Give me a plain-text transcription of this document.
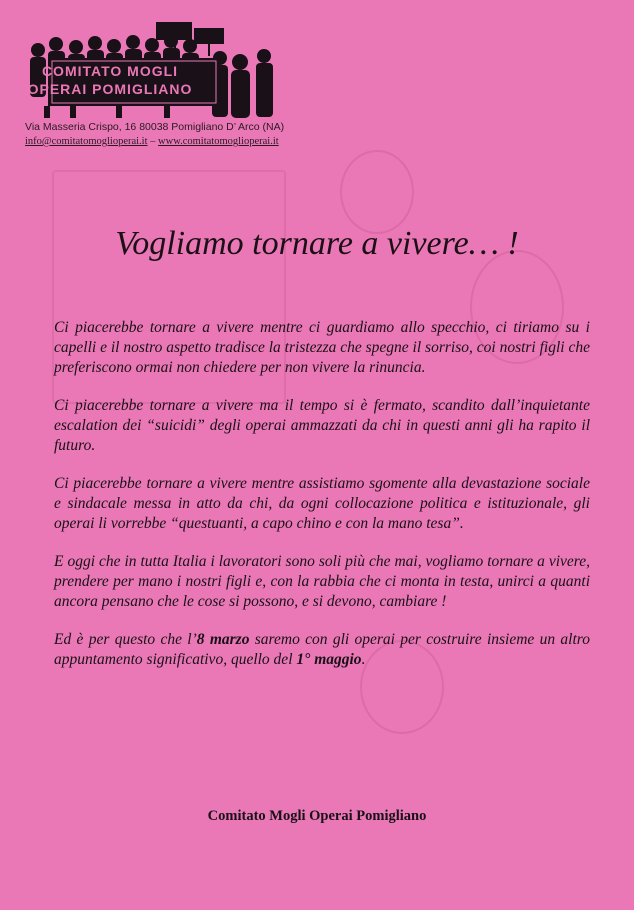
COMITATO MOGLI
OPERAI POMIGLIANO
Via Masseria Crispo, 16 80038 Pomigliano D’ Arco (NA)
info@comitatomoglioperai.it – www.comitatomoglioperai.it
Vogliamo tornare a vivere… !

Ci piacerebbe tornare a vivere mentre ci guardiamo allo specchio, ci tiriamo su i capelli e il nostro aspetto tradisce la tristezza che spegne il sorriso, coi nostri figli che preferiscono ormai non chiedere per non vivere la rinuncia.

Ci piacerebbe tornare a vivere ma il tempo si è fermato, scandito dall’inquietante escalation dei “suicidi” degli operai ammazzati da chi in questi anni gli ha rapito il futuro.

Ci piacerebbe tornare a vivere mentre assistiamo sgomente alla devastazione sociale e sindacale messa in atto da chi, da ogni collocazione politica e istituzionale, gli operai li vorrebbe “questuanti, a capo chino e con la mano tesa”.

E oggi che in tutta Italia i lavoratori sono soli più che mai, vogliamo tornare a vivere, prendere per mano i nostri figli e, con la rabbia che ci monta in testa, unirci a quanti ancora pensano che le cose si possono, e si devono, cambiare !

Ed è per questo che l’8 marzo saremo con gli operai per costruire insieme un altro appuntamento significativo, quello del 1° maggio.

Comitato Mogli Operai Pomigliano
